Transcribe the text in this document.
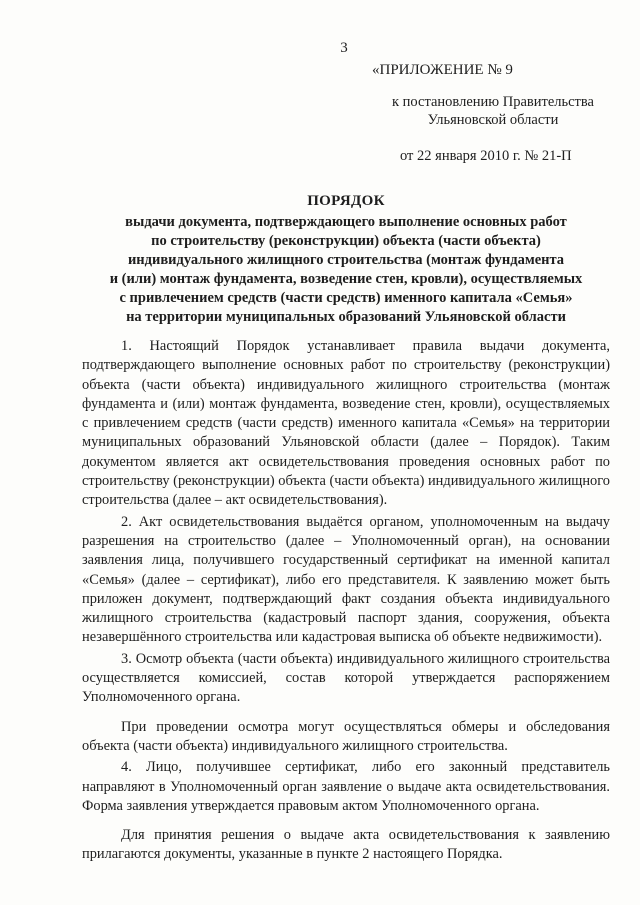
3
«ПРИЛОЖЕНИЕ № 9
к постановлению Правительства
Ульяновской области
от 22 января 2010 г. № 21-П
ПОРЯДОК
выдачи документа, подтверждающего выполнение основных работ
по строительству (реконструкции) объекта (части объекта)
индивидуального жилищного строительства (монтаж фундамента
и (или) монтаж фундамента, возведение стен, кровли), осуществляемых
с привлечением средств (части средств) именного капитала «Семья»
на территории муниципальных образований Ульяновской области

1. Настоящий Порядок устанавливает правила выдачи документа, подтверждающего выполнение основных работ по строительству (реконструкции) объекта (части объекта) индивидуального жилищного строительства (монтаж фундамента и (или) монтаж фундамента, возведение стен, кровли), осуществляемых с привлечением средств (части средств) именного капитала «Семья» на территории муниципальных образований Ульяновской области (далее – Порядок). Таким документом является акт освидетельствования проведения основных работ по строительству (реконструкции) объекта (части объекта) индивидуального жилищного строительства (далее – акт освидетельствования).

2. Акт освидетельствования выдаётся органом, уполномоченным на выдачу разрешения на строительство (далее – Уполномоченный орган), на основании заявления лица, получившего государственный сертификат на именной капитал «Семья» (далее – сертификат), либо его представителя. К заявлению может быть приложен документ, подтверждающий факт создания объекта индивидуального жилищного строительства (кадастровый паспорт здания, сооружения, объекта незавершённого строительства или кадастровая выписка об объекте недвижимости).

3. Осмотр объекта (части объекта) индивидуального жилищного строительства осуществляется комиссией, состав которой утверждается распоряжением Уполномоченного органа.

При проведении осмотра могут осуществляться обмеры и обследования объекта (части объекта) индивидуального жилищного строительства.

4. Лицо, получившее сертификат, либо его законный представитель направляют в Уполномоченный орган заявление о выдаче акта освидетельствования. Форма заявления утверждается правовым актом Уполномоченного органа.

Для принятия решения о выдаче акта освидетельствования к заявлению прилагаются документы, указанные в пункте 2 настоящего Порядка.
